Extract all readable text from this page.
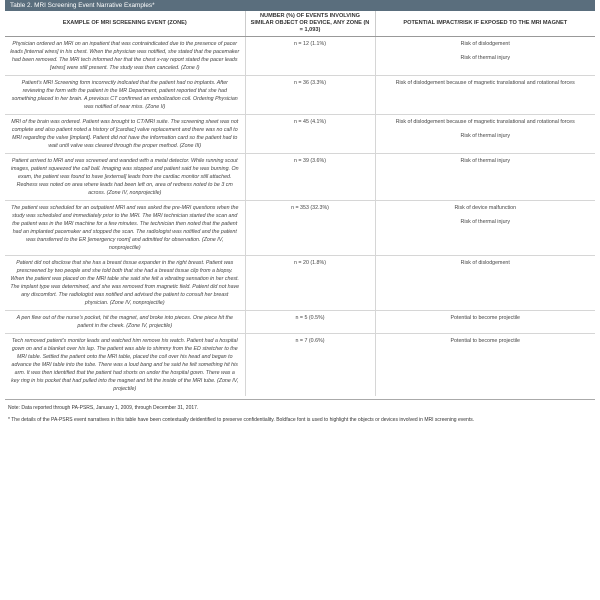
Table 2. MRI Screening Event Narrative Examples*
EXAMPLE OF MRI SCREENING EVENT (ZONE)	NUMBER (%) OF EVENTS INVOLVING SIMILAR OBJECT OR DEVICE, ANY ZONE (N = 1,093)	POTENTIAL IMPACT/RISK IF EXPOSED TO THE MRI MAGNET
Physician ordered an MRI on an inpatient that was contraindicated due to the presence of pacer leads [internal wires] in his chest. When the physician was notified, she stated that the pacemaker had been removed. The MRI tech informed her that the chest x-ray report stated the pacer leads [wires] were still present. The study was then canceled. (Zone I)	n = 12 (1.1%)	Risk of dislodgement
Risk of thermal injury

Patient's MRI Screening form incorrectly indicated that the patient had no implants. After reviewing the form with the patient in the MR Department, patient reported that she had something placed in her brain. A previous CT confirmed an embolization coil. Ordering Physician was notified of near miss. (Zone II)	n = 36 (3.3%)	Risk of dislodgement because of magnetic translational and rotational forces

MRI of the brain was ordered. Patient was brought to CT/MRI suite. The screening sheet was not complete and also patient noted a history of [cardiac] valve replacement and there was no call to MRI regarding the valve [implant]. Patient did not have the information card so the patient had to wait until valve was cleared through the proper method. (Zone III)	n = 45 (4.1%)	Risk of dislodgement because of magnetic translational and rotational forces
Risk of thermal injury

Patient arrived to MRI and was screened and wanded with a metal detector. While running scout images, patient squeezed the call ball. Imaging was stopped and patient said he was burning. On exam, the patient was found to have [external] leads from the cardiac monitor still attached. Redness was noted on area where leads had been left on, area of redness noted to be 3 cm across. (Zone IV, nonprojectile)	n = 39 (3.6%)	Risk of thermal injury

The patient was scheduled for an outpatient MRI and was asked the pre-MRI questions when the study was scheduled and immediately prior to the MRI. The MRI technician started the scan and the patient was in the MRI machine for a few minutes. The technician then noted that the patient had an implanted pacemaker and stopped the scan. The radiologist was notified and the patient was transferred to the ER [emergency room] and admitted for observation. (Zone IV, nonprojectile)	n = 353 (32.3%)	Risk of device malfunction
Risk of thermal injury

Patient did not disclose that she has a breast tissue expander in the right breast. Patient was prescreened by two people and she told both that she had a breast tissue clip from a biopsy. When the patient was placed on the MRI table she said she felt a vibrating sensation in her chest. The implant type was determined, and she was removed from magnetic field. Patient did not have any discomfort. The radiologist was notified and advised the patient to consult her breast physician. (Zone IV, nonprojectile)	n = 20 (1.8%)	Risk of dislodgement

A pen flew out of the nurse's pocket, hit the magnet, and broke into pieces. One piece hit the patient in the cheek. (Zone IV, projectile)	n = 5 (0.5%)	Potential to become projectile

Tech removed patient's monitor leads and watched him remove his watch. Patient had a hospital gown on and a blanket over his lap. The patient was able to shimmy from the ED stretcher to the MRI table. Settled the patient onto the MRI table, placed the coil over his head and began to advance the MRI table into the tube. There was a loud bang and he said he felt something hit his arm. It was then identified that the patient had shorts on under the hospital gown. There was a key ring in his pocket that had pulled into the magnet and hit the inside of the MRI tube. (Zone IV, projectile)	n = 7 (0.6%)	Potential to become projectile

Note: Data reported through PA-PSRS, January 1, 2009, through December 31, 2017.

* The details of the PA-PSRS event narratives in this table have been contextually deidentified to preserve confidentiality. Boldface font is used to highlight the objects or devices involved in MRI screening events.
